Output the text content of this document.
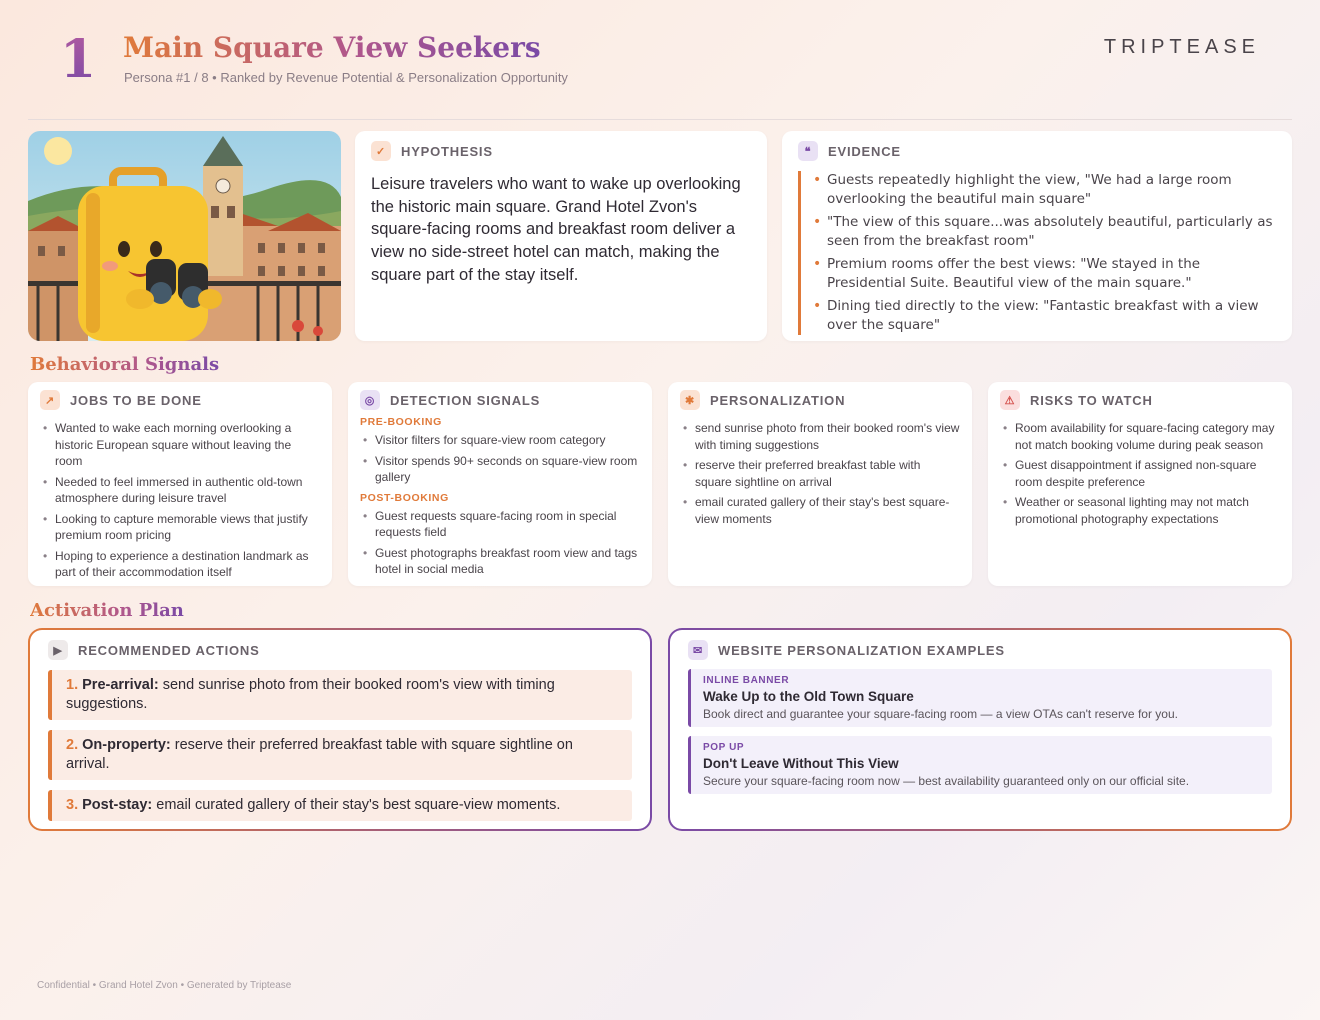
1 Main Square View Seekers
Persona #1 / 8 • Ranked by Revenue Potential & Personalization Opportunity
TRIPTEASE
✓	HYPOTHESIS
Leisure travelers who want to wake up overlooking the historic main square. Grand Hotel Zvon's square-facing rooms and breakfast room deliver a view no side-street hotel can match, making the square part of the stay itself.
❝	EVIDENCE
• Guests repeatedly highlight the view, "We had a large room overlooking the beautiful main square"
• "The view of this square...was absolutely beautiful, particularly as seen from the breakfast room"
• Premium rooms offer the best views: "We stayed in the Presidential Suite. Beautiful view of the main square."
• Dining tied directly to the view: "Fantastic breakfast with a view over the square"
Behavioral Signals
↗	JOBS TO BE DONE
• Wanted to wake each morning overlooking a historic European square without leaving the room
• Needed to feel immersed in authentic old-town atmosphere during leisure travel
• Looking to capture memorable views that justify premium room pricing
• Hoping to experience a destination landmark as part of their accommodation itself
◎	DETECTION SIGNALS
PRE-BOOKING
• Visitor filters for square-view room category
• Visitor spends 90+ seconds on square-view room gallery
POST-BOOKING
• Guest requests square-facing room in special requests field
• Guest photographs breakfast room view and tags hotel in social media
✱	PERSONALIZATION
• send sunrise photo from their booked room's view with timing suggestions
• reserve their preferred breakfast table with square sightline on arrival
• email curated gallery of their stay's best square-view moments
⚠	RISKS TO WATCH
• Room availability for square-facing category may not match booking volume during peak season
• Guest disappointment if assigned non-square room despite preference
• Weather or seasonal lighting may not match promotional photography expectations
Activation Plan
▶	RECOMMENDED ACTIONS
1. Pre-arrival: send sunrise photo from their booked room's view with timing suggestions.
2. On-property: reserve their preferred breakfast table with square sightline on arrival.
3. Post-stay: email curated gallery of their stay's best square-view moments.
✉	WEBSITE PERSONALIZATION EXAMPLES
INLINE BANNER
Wake Up to the Old Town Square
Book direct and guarantee your square-facing room — a view OTAs can't reserve for you.
POP UP
Don't Leave Without This View
Secure your square-facing room now — best availability guaranteed only on our official site.
Confidential • Grand Hotel Zvon • Generated by Triptease
